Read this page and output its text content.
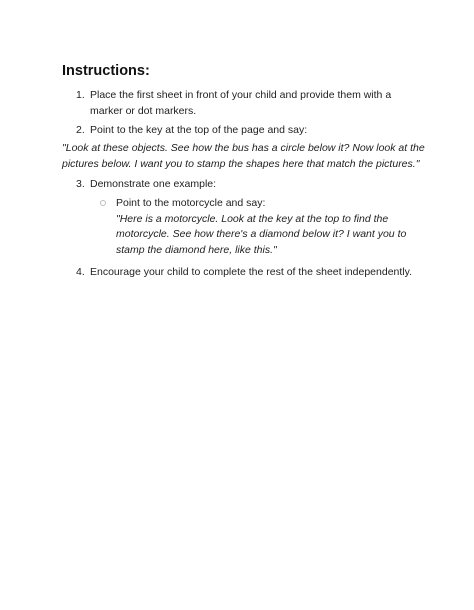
Instructions:
1. Place the first sheet in front of your child and provide them with a
marker or dot markers.
2. Point to the key at the top of the page and say:
"Look at these objects. See how the bus has a circle below it? Now look at the
pictures below. I want you to stamp the shapes here that match the pictures."
3. Demonstrate one example:
Point to the motorcycle and say:
"Here is a motorcycle. Look at the key at the top to find the
motorcycle. See how there's a diamond below it? I want you to
stamp the diamond here, like this."
4. Encourage your child to complete the rest of the sheet independently.
